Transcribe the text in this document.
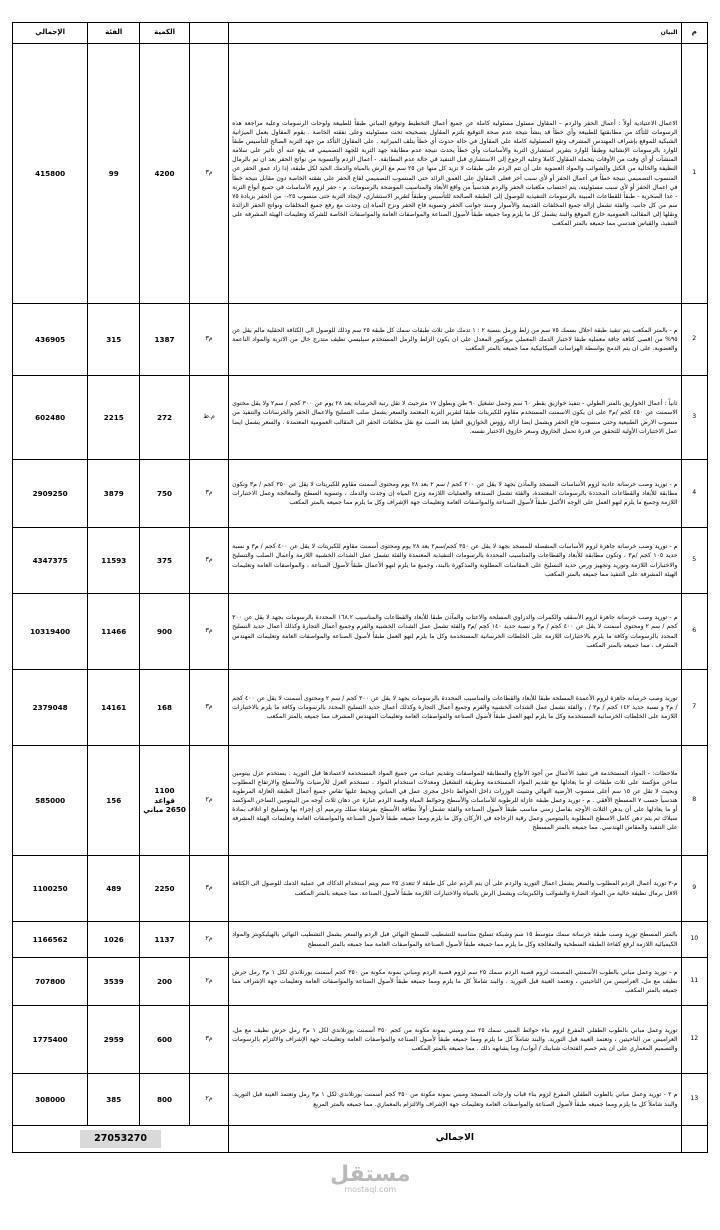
م	البيان		الكمية	الفئة	الإجمالي
1	الاعمال الاعتيادية أولاً : أعمال الحفر والردم – المقاول مسئول مسئولية كاملة عن جميع أعمال التخطيط وتوقيع المباني طبقاً للطبيعة ولوحات الرسومات وعلية مراجعة هذه الرسومات للتأكد من مطابقتها للطبيعة وأي خطأ قد ينشأ نتيجة عدم صحة التوقيع يلتزم المقاول بتصحيحه تحت مسئوليته وعلى نفقته الخاصة . يقوم المقاول بعمل الميزانية الشبكية للموقع بإشراف المهندس المشرف وتقع المسئولية كاملة على المقاول في حالة حدوث أي خطأ يتلف الميزانية . على المقاول التأكد من جهد التربة الصالح للتأسيس طبقاً للوارد بالرسومات الإنشائية وطبقاً للوارد بتقرير استشاري التربة والأساسات وأي خطأ يحدث نتيجة عدم مطابقة جهد التربة للجهد التصميمي فه يقع عنه أي تأثير على سلامة المنشآت أو أي وقت من الأوقات يتحمله المقاول كاملا وعليه الرجوع إلى الاستشاري قبل التنفيذ في حالة عدم المطابقة. - أعمال الردم والتسوية من نواتج الحفر بعد ان تم بالرمال النظيفة والخالية من الكتل والشوائب والمواد العضوية على أن تتم الردم على طبقات لا تزيد كل منها عن ٢٥ سم مع الرش بالمياه والدمك الجيد لكل طبقة، إذا زاد عمق الحفر عن المنسوب التصميمي نتيجة خطأ في أعمال الحفر أو لأي سبب آخر فعلى المقاول على العمق الزائد حتى المنسوب التصميمي لقاع الحفر على نفقته الخاصة دون مقابل نتيجة خطأ في اعمال الحفر أو لأي سبب مسئوليته، يتم احتساب مكعبات الحفر والردم هندسياً من واقع الأبعاد والمناسيب الموضحة بالرسومات. م - حفر لزوم الأساسات في جميع أنواع التربة - عدا الصخرية - طبقاً للقطاعات المبينة بالرسومات التنفيذية للوصول إلى الطبقة الصالحة للتأسيس وطبقاً لتقرير الاستشاري، لإيجاد التربة حتى منسوب ٢٥-٠ من الحفر بزيادة ٧٥ سم من كل جانب. والفئة تشمل إزالة جميع المخلفات القديمة والأسوار وسند جوانب الحفر وتسوية قاع الحفر ونزح المياه إن وجدت مع رفع جميع المخلفات ونواتج الحفر الزائدة ونقلها إلى المقالب العمومية خارج الموقع والبند يشمل كل ما يلزم وما جميعه طبقاً لأصول الصناعة والمواصفات العامة والمواصفات الخاصة للشركة وتعليمات الهيئة المشرفة على التنفيذ، والقياس هندسي مما جميعه بالمتر المكعب	م٣	4200	99	415800
2	م - بالمتر المكعب يتم تنفيذ طبقة احلال بسمك ٧٥ سم من زلط ورمل بنسبة ٢ : ١ تدمك على ثلاث طبقات سمك كل طبقة ٢٥ سم وذلك للوصول الى الكثافة الحقلية مالم يقل عن ٩٥% من اقصى كثافة جافة معملية طبقا لاختبار الدمك المعملي بروكتور المعدل على ان يكون الزلط والرمل المستخدم سيليسي نظيف متدرج خال من الاتربة والمواد الناعمة والعضوية. على ان يتم الدمج بواسطة الهراسات الميكانيكية مما جميعه بالمتر المكعب	م٣	1387	315	436905
3	ثانياً : أعمال الخوازيق بالمتر الطولي - تنفيذ خوازيق بقطر ٦٠ سم وحمل تشغيل ٩٠ طن وبطول ١٧ مترحيث لا تقل رتبة الخرسانة بعد ٢٨ يوم عن ٣٠٠ كجم / سم٢ ولا يقل محتوى الاسمنت عن ٤٥٠ كجم /م٣ على ان يكون الاسمنت المستخدم مقاوم للكبريتات طبقا لتقرير التربة المعتمد والسعر يشمل صلب التسليح والاعمال الحفر والخرسانات والتنفيذ من منسوب الارض الطبيعية وحتى منسوب قاع الحفر ويشمل ايضا ازالة رؤوس الخوازيق العليا بعد الصب مع نقل مخلفات الحفر الى المقالب العمومية المعتمدة . والسعر يشمل ايضا عمل الاختبارات الأولية للتحقق من قدرة تحمل الخازوق وسعر خازوق الاختبار نفسه.	م.ط	272	2215	602480
4	م - توريد وصب خرسانة عادية لزوم الأساسات المسجد والمآذن بجهد لا يقل عن ٢٠٠ كجم / سم ٢ بعد ٢٨ يوم ومحتوى أسمنت مقاوم للكبريتات لا يقل عن ٣٥٠ كجم / م٣ وتكون مطابقة للأبعاد والقطاعات المحددة بالرسومات المعتمدة، والفئة تشمل الصندقة والعمليات اللازمة ونزح المياه إن وجدت والدمك ، وتسوية السطح والمعالجة وعمل الاختبارات اللازمة وجميع ما يلزم لنهو العمل على الوجه الأكمل طبقاً لأصول الصناعة والمواصفات العامة وتعليمات جهة الإشراف وكل ما يلزم مما جميعه بالمتر المكعب	م٣	750	3879	2909250
5	م - توريد وصب خرسانة جاهزة لزوم الأساسات المنفصلة للمسجد بجهد لا يقل عن ٣٥٠ كجم/سم٢ بعد ٢٨ يوم ومحتوى أسمنت مقاوم للكبريتات لا يقل عن ٤٠٠ كجم / م٣ و نسبة حديد ١٠٥ كجم /م٣ ، وتكون مطابقة للأبعاد والقطاعات والمناسيب المحددة بالرسومات التنفيذية المعتمدة والفئة تشمل عمل الشدات الخشبية اللازمة وأعمال الصلب والتسليح والاختبارات اللازمة وتوريد وتجهيز ورص حديد التسليح على المقاسات المطلوبة والمذكورة بالبند، وجميع ما يلزم لنهو الأعمال طبقاً لأصول الصناعة ، والمواصفات العامة وتعليمات الهيئة المشرفة على التنفيذ مما جميعه بالمتر المكعب	م٣	375	11593	4347375
6	م - توريد وصب خرسانة جاهزة لزوم الأسقف والكمرات والدراوي المسلحة والاعتاب والمآذن طبقا للأبعاد والقطاعات والمناسيب ١٦٨.٢ المحددة بالرسومات بجهد لا يقل عن ٣٠٠ كجم / سم ٢ ومحتوى أسمنت لا يقل عن ٤٠٠ كجم / م٣ و نسبة حديد ١٤٠ كجم /م٣ والفئة تشمل عمل الشدات الخشبية والفرم وجميع أعمال التجارة وكذلك أعمال حديد التسليح المحدد بالرسومات وكافة ما يلزم بالاختبارات اللازمة على الخلطات الخرسانية المستخدمة وكل ما يلزم لنهو العمل طبقاً لأصول الصناعة والمواصفات العامة وتعليمات المهندس المشرف . مما جميعه بالمتر المكعب	م٣	900	11466	10319400
7	توريد وصب خرسانة جاهزة لزوم الأعمدة المسلحة طبقا للأبعاد والقطاعات والمناسيب المحددة بالرسومات بجهد لا يقل عن ٣٠٠ كجم / سم ٢ ومحتوى أسمنت لا يقل عن ٤٠٠ كجم / م٣ و نسبة حديد ١٤٢ كجم / م٣ / ، والفئة تشمل عمل الشدات الخشبية والفرم وجميع أعمال التجارة وكذلك أعمال حديد التسليح المحدد بالرسومات وكافة ما يلزم بالاختبارات اللازمة على الخلطات الخرسانية المستخدمة وكل ما يلزم لنهو العمل طبقاً لأصول الصناعة والمواصفات العامة وتعليمات المهندس المشرف مما جميعه بالمتر المكعب	م٣	168	14161	2379048
8	ملاحظات: - المواد المستخدمة في تنفيذ الأعمال من أجود الأنواع والمطابقة للمواصفات وتقديم عينات من جميع المواد المستخدمة لاعتمادها قبل التوريد . يستخدم عزل بيتومين ساخن مؤكسد على ثلاث طبقات او ما يعادلها مع تقديم المواد المستخدمة وطريقة التشغيل ومعدلات استخدام المواد . تستخدم العزل للأرضيات والأسطح والارتفاع المطلوب وبحيث لا تقل عن ١٥ سم أعلى منسوب الأرضية النهائي وتثبيت الوزرات داخل الحوائط داخل مجرى عمل في المباني ويحيط عليها تقاس جميع أعمال الطبقة العازلة المرطوبة هندسياً حسب ٧ المسطح الأفقي . م - توريد وعمل طبقة عازلة للرطوبة للأساسات والأسطح وحوائط المياه وقصة الردم عبارة عن دهان ثلاث أوجه من البيتومين الساخن المؤكسد أو ما يعادلها على أن يدهن الثلاث الأوجه بفاصل زمني مناسب طبقاً لأصول الصناعة والفئة تشمل أولاً نظافة الأسطح بفرشاة سلك وترميم أي إجزاء بها وتصليح او اتلاف بمادة سيلاك ثم يتم دهن كامل الاسطح المطلوبة بالبيتومين وعمل رقبة الزجاجة في الأركان وكل ما يلزم ومما جميعه طبقاً لأصول الصناعة والمواصفات العامة وتعليمات الهيئة المشرفة على التنفيذ والمقاس الهندسي. مما جميعه بالمتر المسطح	م٢	1100 قواعد 2650 مباني	156	585000
9	م-٣ توريد أعمال الردم المطلوب والسعر يشمل اعمال التوريد والردم على أن يتم الردم على كل طبقة لا تتعدى ٢٥ سم ويتم استخدام الدكاك في عملية الدمك للوصول الى الكثافة الاقل برمال نظيفة خالية من المواد الضارة والشوائب والكبريتات ويشمل الرش بالمياه والاختبارات اللازمة طبقاً لأصول الصناعة. مما جميعه بالمتر المكعب	م٣	2250	489	1100250
10	بالمتر المسطح توريد وصب طبقة خرسانة سمك متوسط ١٥ سم وشبكة تسليح متناسبة للتشطيب للسطح النهائي قبل الردم والسعر يشمل التشطيب النهائي بالهيليكوبتر والمواد الكيميائية اللازمة لرفع كفاءة الطبقة السطحية والمعالجة وكل ما يلزم مما جميعه طبقاً لأصول الصناعة والمواصفات العامة مما جميعه بالمتر المسطح	م٢	1137	1026	1166562
11	م - توريد وعمل مباني بالطوب الأسمنتي المصمت لزوم قصبة الردم سمك ٢٥ سم لزوم قصبة الردم ومباني بمونة مكونة من ٣٥٠ كجم أسمنت بورتلاندي لكل ١ م٣ رمل حرش نظيف مع مل، العراميس من الناحيتين ، وتعتمد العينة قبل التوريد . والبند شاملاً كل ما يلزم ومما جميعه طبقاً لأصول الصناعة والمواصفات العامة وتعليمات جهة الإشراف مما جميعه بالمتر المكعب	م٢	200	3539	707800
12	توريد وعمل مباني بالطوب الطفلي المفرغ لزوم بناء حوائط المبنى سمك ٢٥ سم ومبني بمونة مكونة من كجم ٣٥٠ أسمنت بورتلاندي لكل ١ م٣ رمل حرش نظيف مع مل، العراميس من الناحيتين ، وتعتمد العينة قبل التوريد. والبند شاملاً كل ما يلزم ومما جميعه طبقاً لأصول الصناعة والمواصفات العامة وتعليمات جهة الإشراف والالتزام بالرسومات والتصميم المعماري على ان يتم خصم الفتحات شبابيك / أبواب/ وما يشابهه ذلك . مما جميعه بالمتر المكعب	م٣	600	2959	1775400
13	م ٢ - توريد وعمل مباني بالطوب الطفلي المفرغ لزوم بناء قباب وارجات المسجد ومبني بمونة مكونة من ٣٥٠ كجم أسمنت بورتلاندي لكل ١ م٣ رمل وتعتمد العينة قبل التوريد. والبند شاملاً كل ما يلزم ومما جميعه طبقاً لأصول الصناعة والمواصفات العامة وتعليمات جهة الإشراف والالتزام بالمعماري. مما جميعه بالمتر المربع	م٢	800	385	308000
	الاجمالي	27053270			
مستقل
mostaql.com
